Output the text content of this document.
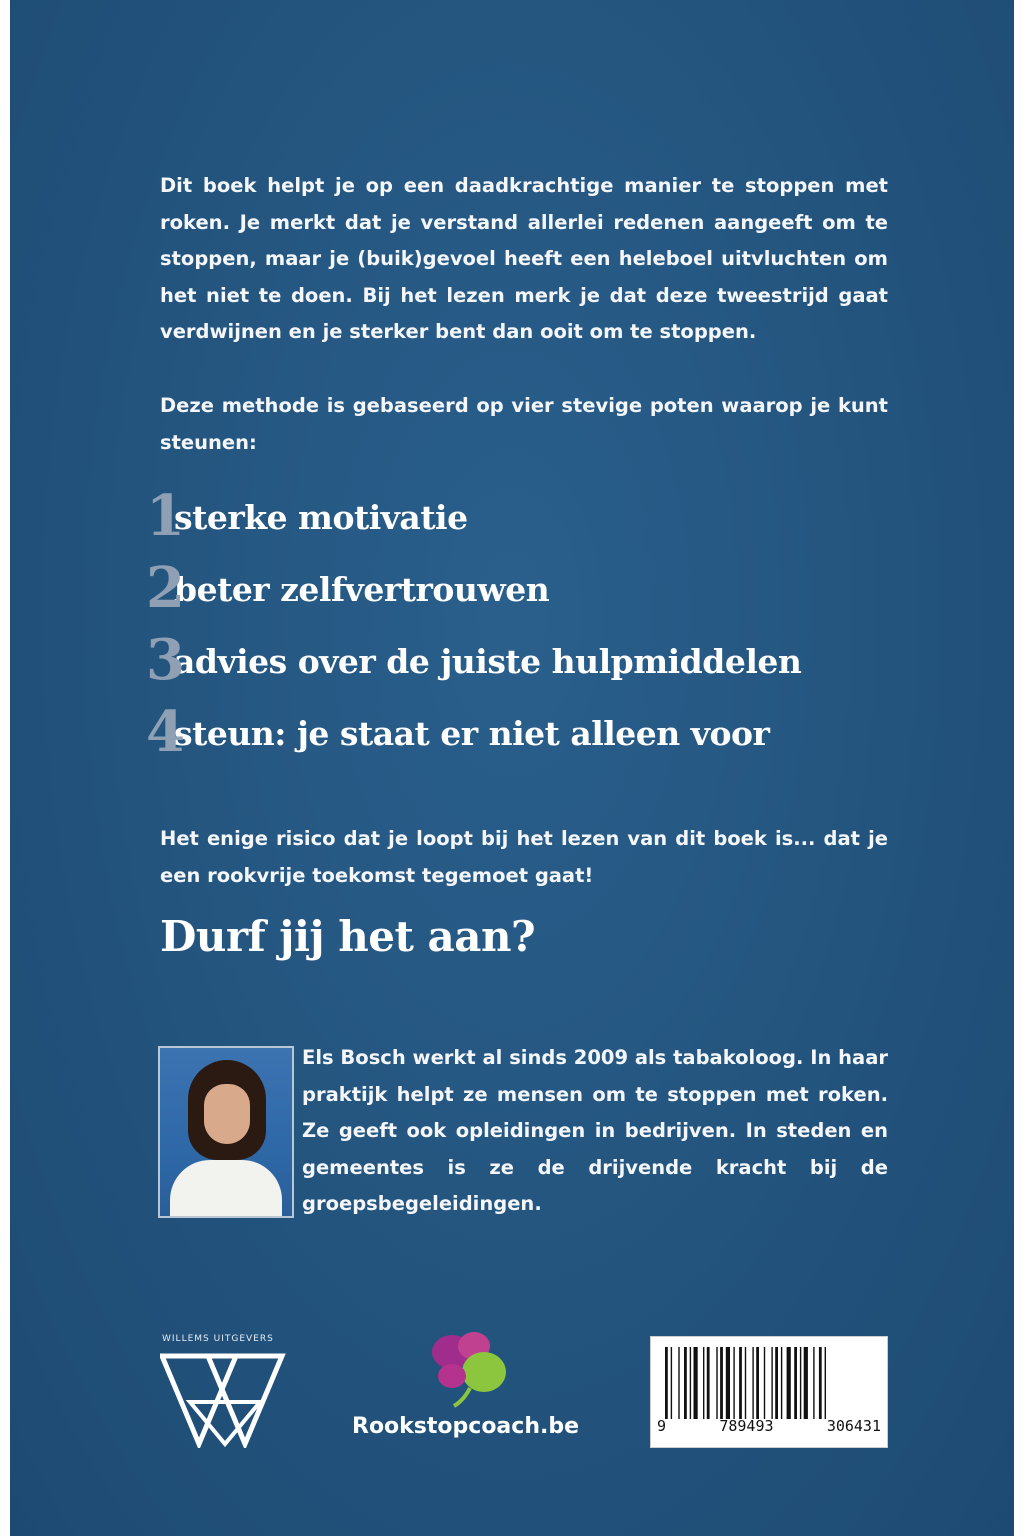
Dit boek helpt je op een daadkrachtige manier te stoppen met roken. Je merkt dat je verstand allerlei redenen aangeeft om te stoppen, maar je (buik)gevoel heeft een heleboel uitvluchten om het niet te doen. Bij het lezen merk je dat deze tweestrijd gaat verdwijnen en je sterker bent dan ooit om te stoppen.

Deze methode is gebaseerd op vier stevige poten waarop je kunt steunen:

1
sterke motivatie
2
beter zelfvertrouwen
3
advies over de juiste hulpmiddelen
4
steun: je staat er niet alleen voor

Het enige risico dat je loopt bij het lezen van dit boek is... dat je een rookvrije toekomst tegemoet gaat!

Durf jij het aan?

Els Bosch werkt al sinds 2009 als tabakoloog. In haar praktijk helpt ze mensen om te stoppen met roken. Ze geeft ook opleidingen in bedrijven. In steden en gemeentes is ze de drijvende kracht bij de groepsbegeleidingen.

WILLEMS UITGEVERS
Rookstopcoach.be	9	789493	306431
